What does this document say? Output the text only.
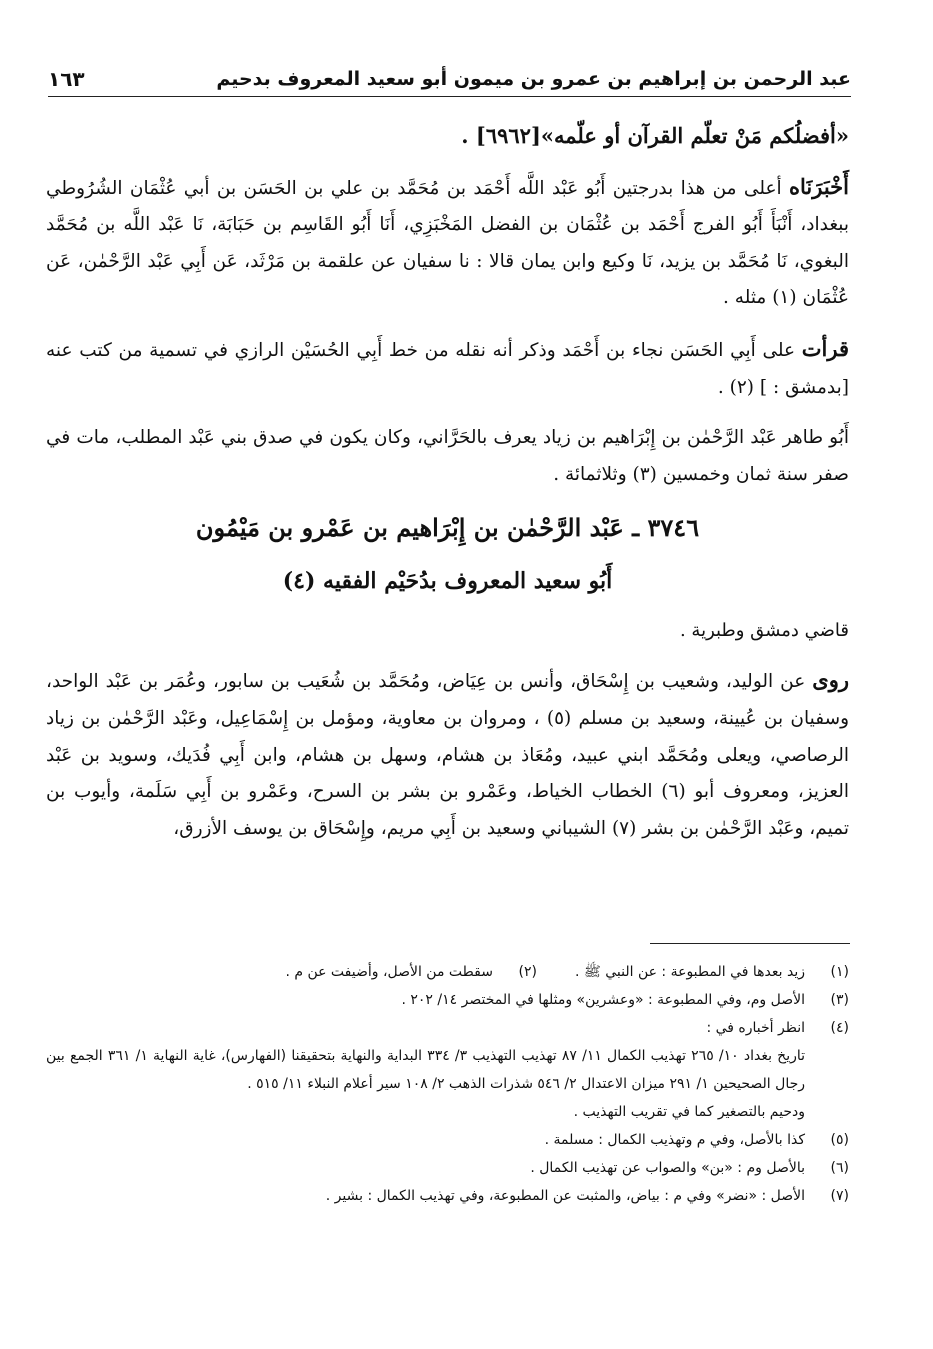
عبد الرحمن بن إبراهيم بن عمرو بن ميمون أبو سعيد المعروف بدحيم
١٦٣

«أفضلُكم مَنْ تعلّم القرآن أو علّمه»[٦٩٦٢] .

أَخْبَرَنَاه أعلى من هذا بدرجتين أَبُو عَبْد اللَّه أَحْمَد بن مُحَمَّد بن علي بن الحَسَن بن أبي عُثْمَان الشُرُوطي ببغداد، أَنْبَأَ أَبُو الفرج أَحْمَد بن عُثْمَان بن الفضل المَخْبَزِي، أَنَا أَبُو القَاسِم بن حَبَابَة، نَا عَبْد اللَّه بن مُحَمَّد البغوي، نَا مُحَمَّد بن يزيد، نَا وكيع وابن يمان قالا : نا سفيان عن علقمة بن مَرْثَد، عَن أَبِي عَبْد الرَّحْمٰن، عَن عُثْمَان (١) مثله .

قرأت على أَبِي الحَسَن نجاء بن أَحْمَد وذكر أنه نقله من خط أَبِي الحُسَيْن الرازي في تسمية من كتب عنه [بدمشق : ] (٢) .

أَبُو طاهر عَبْد الرَّحْمٰن بن إِبْرَاهيم بن زياد يعرف بالحَرَّاني، وكان يكون في صدق بني عَبْد المطلب، مات في صفر سنة ثمان وخمسين (٣) وثلاثمائة .

٣٧٤٦ ـ عَبْد الرَّحْمٰن بن إِبْرَاهيم بن عَمْرو بن مَيْمُون

أَبُو سعيد المعروف بدُحَيْم الفقيه (٤)

قاضي دمشق وطبرية .

روى عن الوليد، وشعيب بن إِسْحَاق، وأنس بن عِيَاض، ومُحَمَّد بن شُعَيب بن سابور، وعُمَر بن عَبْد الواحد، وسفيان بن عُيينة، وسعيد بن مسلم (٥) ، ومروان بن معاوية، ومؤمل بن إِسْمَاعِيل، وعَبْد الرَّحْمٰن بن زياد الرصاصي، ويعلى ومُحَمَّد ابني عبيد، ومُعَاذ بن هشام، وسهل بن هشام، وابن أَبِي فُدَيك، وسويد بن عَبْد العزيز، ومعروف أبو (٦) الخطاب الخياط، وعَمْرو بن بشر بن السرح، وعَمْرو بن أَبِي سَلَمة، وأيوب بن تميم، وعَبْد الرَّحْمٰن بن بشر (٧) الشيباني وسعيد بن أَبِي مريم، وإِسْحَاق بن يوسف الأزرق،

(١)
زيد بعدها في المطبوعة : عن النبي ﷺ .
(٢)
سقطت من الأصل، وأضيفت عن م .
(٣)
الأصل وم، وفي المطبوعة : «وعشرين» ومثلها في المختصر ١٤/ ٢٠٢ .
(٤)
انظر أخباره في :
تاريخ بغداد ١٠/ ٢٦٥ تهذيب الكمال ١١/ ٨٧ تهذيب التهذيب ٣/ ٣٣٤ البداية والنهاية بتحقيقنا (الفهارس)، غاية النهاية ١/ ٣٦١ الجمع بين رجال الصحيحين ١/ ٢٩١ ميزان الاعتدال ٢/ ٥٤٦ شذرات الذهب ٢/ ١٠٨ سير أعلام النبلاء ١١/ ٥١٥ .
ودحيم بالتصغير كما في تقريب التهذيب .
(٥)
كذا بالأصل، وفي م وتهذيب الكمال : مسلمة .
(٦)
بالأصل وم : «بن» والصواب عن تهذيب الكمال .
(٧)
الأصل : «نضر» وفي م : بياض، والمثبت عن المطبوعة، وفي تهذيب الكمال : بشير .
